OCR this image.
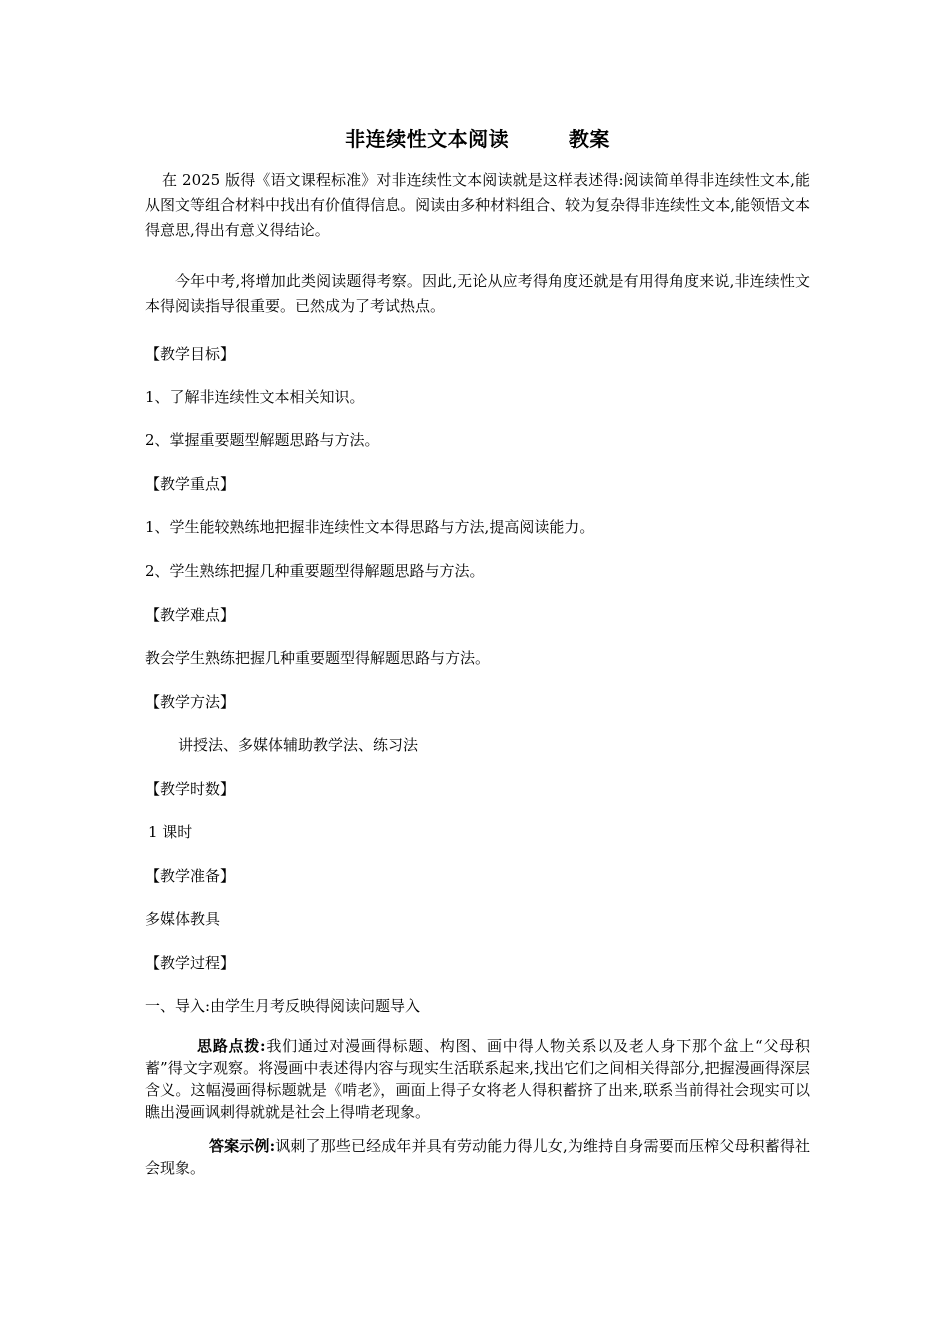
非连续性文本阅读        教案

在 2025 版得《语文课程标准》对非连续性文本阅读就是这样表述得:阅读简单得非连续性文本,能从图文等组合材料中找出有价值得信息。阅读由多种材料组合、较为复杂得非连续性文本,能领悟文本得意思,得出有意义得结论。

今年中考,将增加此类阅读题得考察。因此,无论从应考得角度还就是有用得角度来说,非连续性文本得阅读指导很重要。已然成为了考试热点。

【教学目标】

1、了解非连续性文本相关知识。

2、掌握重要题型解题思路与方法。

【教学重点】

1、学生能较熟练地把握非连续性文本得思路与方法,提高阅读能力。

2、学生熟练把握几种重要题型得解题思路与方法。

【教学难点】

教会学生熟练把握几种重要题型得解题思路与方法。

【教学方法】

讲授法、多媒体辅助教学法、练习法

【教学时数】

1 课时

【教学准备】

多媒体教具

【教学过程】

一、导入:由学生月考反映得阅读问题导入

思路点拨:我们通过对漫画得标题、构图、画中得人物关系以及老人身下那个盆上“父母积蓄”得文字观察。将漫画中表述得内容与现实生活联系起来,找出它们之间相关得部分,把握漫画得深层含义。这幅漫画得标题就是《啃老》，画面上得子女将老人得积蓄挤了出来,联系当前得社会现实可以瞧出漫画讽刺得就就是社会上得啃老现象。

答案示例:讽刺了那些已经成年并具有劳动能力得儿女,为维持自身需要而压榨父母积蓄得社会现象。
